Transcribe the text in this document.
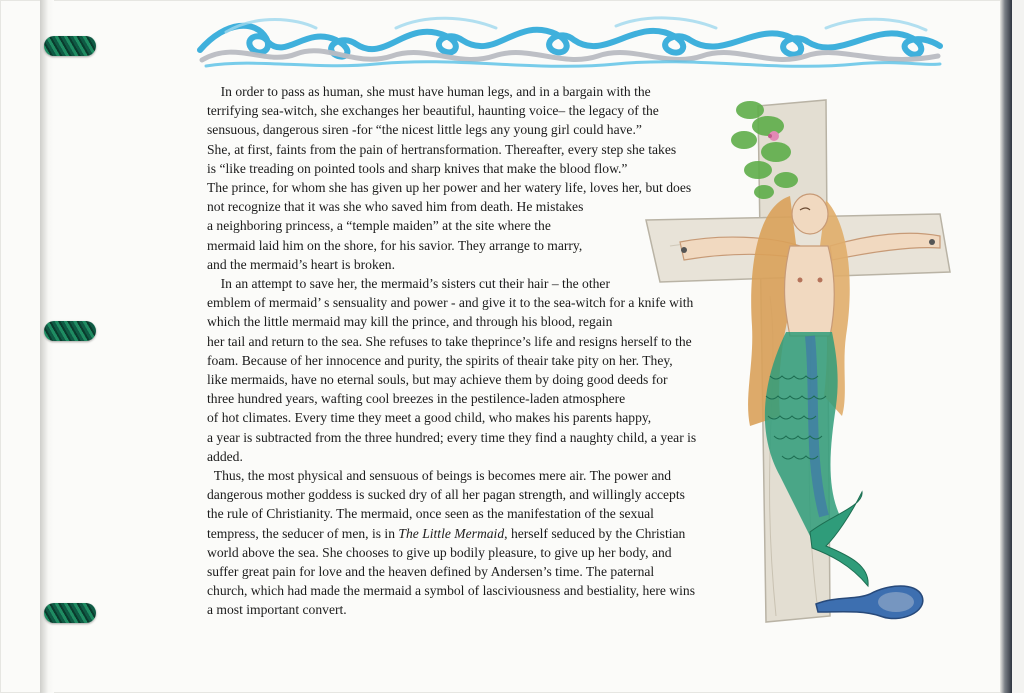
 In order to pass as human, she must have human legs, and in a bargain with the
terrifying sea-witch, she exchanges her beautiful, haunting voice– the legacy of the
sensuous, dangerous siren -for “the nicest little legs any young girl could have.”
She, at first, faints from the pain of hertransformation. Thereafter, every step she takes
is “like treading on pointed tools and sharp knives that make the blood flow.”
The prince, for whom she has given up her power and her watery life, loves her, but does
not recognize that it was she who saved him from death. He mistakes
a neighboring princess, a “temple maiden” at the site where the
mermaid laid him on the shore, for his savior. They arrange to marry,
and the mermaid’s heart is broken.
 In an attempt to save her, the mermaid’s sisters cut their hair – the other
emblem of mermaid’ s sensuality and power - and give it to the sea-witch for a knife with
which the little mermaid may kill the prince, and through his blood, regain
her tail and return to the sea. She refuses to take theprince’s life and resigns herself to the
foam. Because of her innocence and purity, the spirits of theair take pity on her. They,
like mermaids, have no eternal souls, but may achieve them by doing good deeds for
three hundred years, wafting cool breezes in the pestilence-laden atmosphere
of hot climates. Every time they meet a good child, who makes his parents happy,
a year is subtracted from the three hundred; every time they find a naughty child, a year is
added.
 Thus, the most physical and sensuous of beings is becomes mere air. The power and
dangerous mother goddess is sucked dry of all her pagan strength, and willingly accepts
the rule of Christianity. The mermaid, once seen as the manifestation of the sexual
tempress, the seducer of men, is in The Little Mermaid, herself seduced by the Christian
world above the sea. She chooses to give up bodily pleasure, to give up her body, and
suffer great pain for love and the heaven defined by Andersen’s time. The paternal
church, which had made the mermaid a symbol of lasciviousness and bestiality, here wins
a most important convert.
